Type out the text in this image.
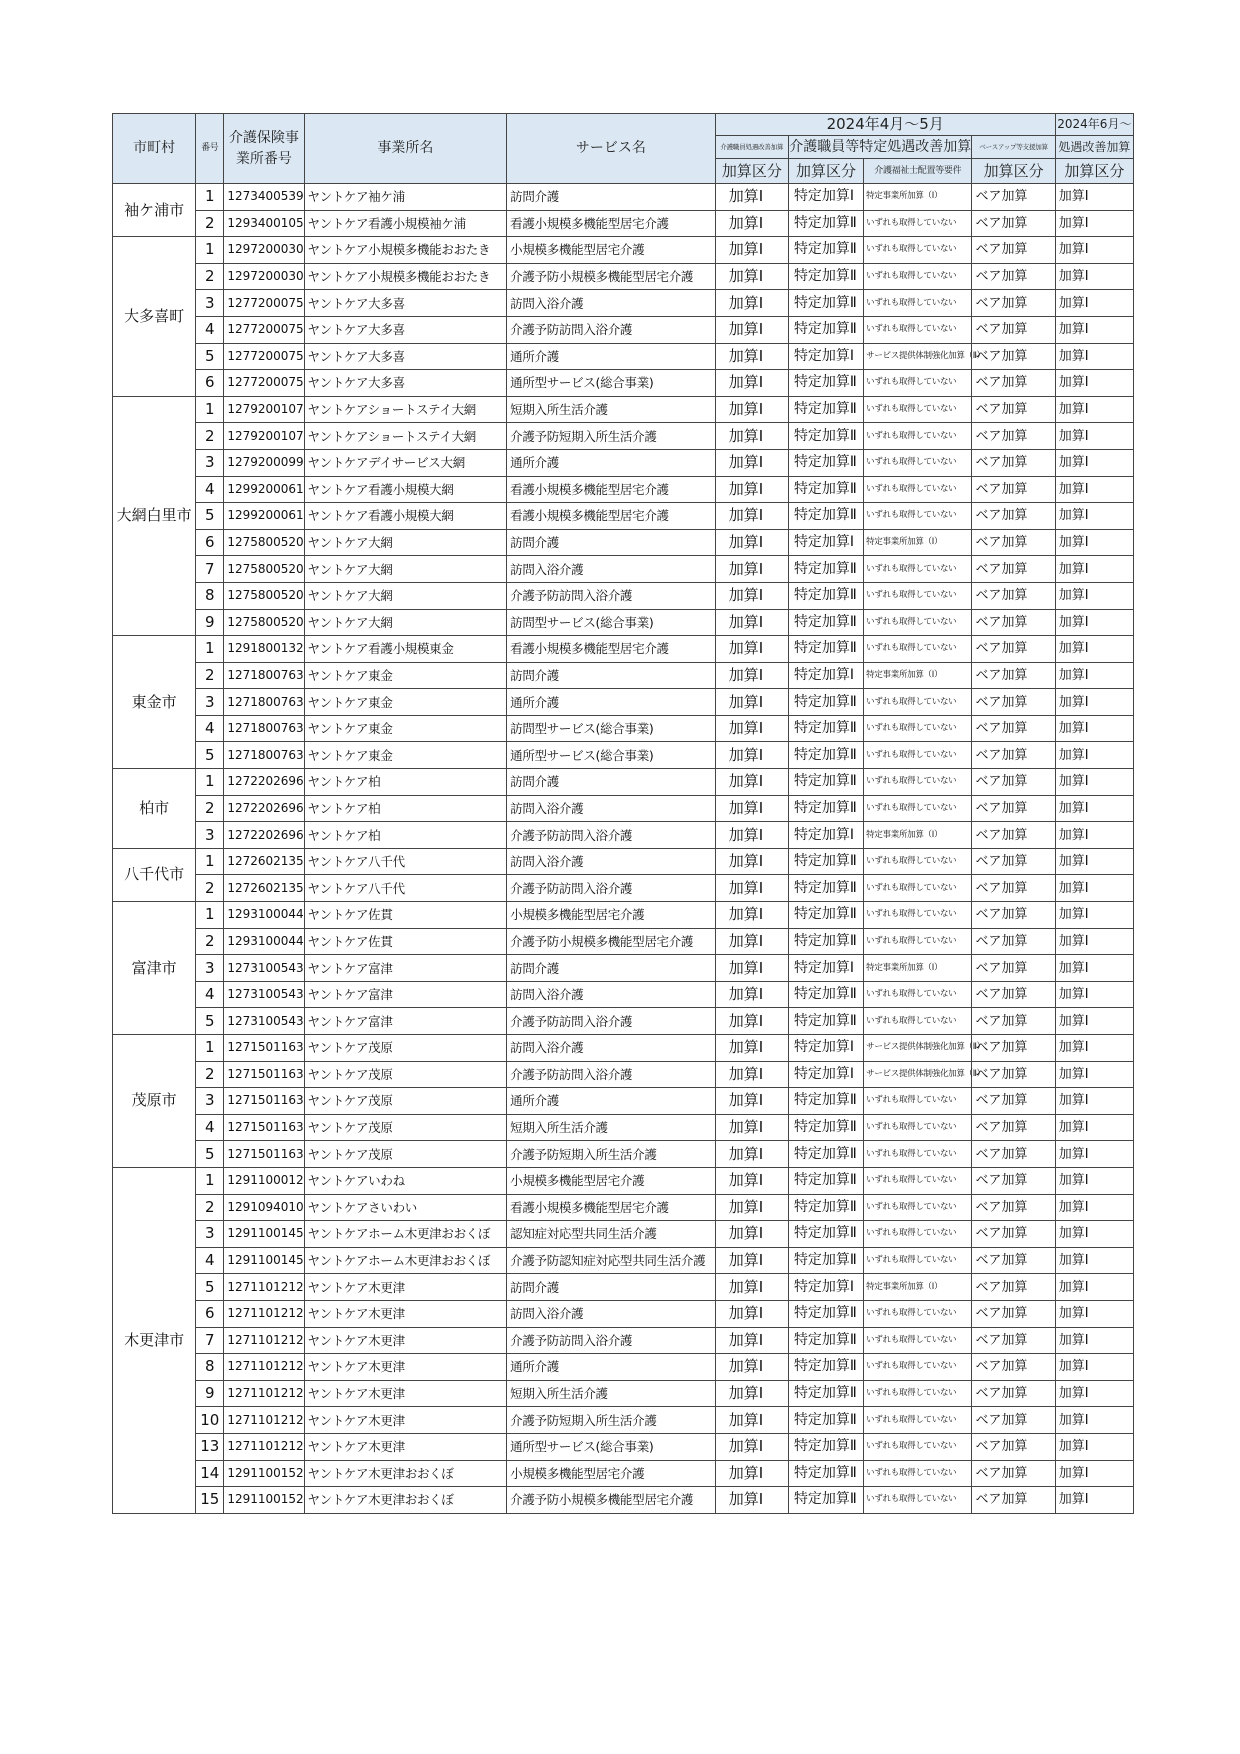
市町村	番号	介護保険事業所番号	事業所名	サービス名	2024年4月～5月				2024年6月～
					介護職員処遇改善加算	介護職員等特定処遇改善加算		ベースアップ等支援加算	処遇改善加算
					加算区分	加算区分	介護福祉士配置等要件	加算区分	加算区分
袖ケ浦市	1	1273400539	ヤントケア袖ケ浦	訪問介護	加算Ⅰ	特定加算Ⅰ	特定事業所加算（Ⅰ）	ベア加算	加算Ⅰ
	2	1293400105	ヤントケア看護小規模袖ケ浦	看護小規模多機能型居宅介護	加算Ⅰ	特定加算Ⅱ	いずれも取得していない	ベア加算	加算Ⅰ
大多喜町	1	1297200030	ヤントケア小規模多機能おおたき	小規模多機能型居宅介護	加算Ⅰ	特定加算Ⅱ	いずれも取得していない	ベア加算	加算Ⅰ
	2	1297200030	ヤントケア小規模多機能おおたき	介護予防小規模多機能型居宅介護	加算Ⅰ	特定加算Ⅱ	いずれも取得していない	ベア加算	加算Ⅰ
	3	1277200075	ヤントケア大多喜	訪問入浴介護	加算Ⅰ	特定加算Ⅱ	いずれも取得していない	ベア加算	加算Ⅰ
	4	1277200075	ヤントケア大多喜	介護予防訪問入浴介護	加算Ⅰ	特定加算Ⅱ	いずれも取得していない	ベア加算	加算Ⅰ
	5	1277200075	ヤントケア大多喜	通所介護	加算Ⅰ	特定加算Ⅰ	サービス提供体制強化加算（Ⅱ）	ベア加算	加算Ⅰ
	6	1277200075	ヤントケア大多喜	通所型サービス(総合事業)	加算Ⅰ	特定加算Ⅱ	いずれも取得していない	ベア加算	加算Ⅰ
大網白里市	1	1279200107	ヤントケアショートステイ大網	短期入所生活介護	加算Ⅰ	特定加算Ⅱ	いずれも取得していない	ベア加算	加算Ⅰ
	2	1279200107	ヤントケアショートステイ大網	介護予防短期入所生活介護	加算Ⅰ	特定加算Ⅱ	いずれも取得していない	ベア加算	加算Ⅰ
	3	1279200099	ヤントケアデイサービス大網	通所介護	加算Ⅰ	特定加算Ⅱ	いずれも取得していない	ベア加算	加算Ⅰ
	4	1299200061	ヤントケア看護小規模大網	看護小規模多機能型居宅介護	加算Ⅰ	特定加算Ⅱ	いずれも取得していない	ベア加算	加算Ⅰ
	5	1299200061	ヤントケア看護小規模大網	看護小規模多機能型居宅介護	加算Ⅰ	特定加算Ⅱ	いずれも取得していない	ベア加算	加算Ⅰ
	6	1275800520	ヤントケア大網	訪問介護	加算Ⅰ	特定加算Ⅰ	特定事業所加算（Ⅰ）	ベア加算	加算Ⅰ
	7	1275800520	ヤントケア大網	訪問入浴介護	加算Ⅰ	特定加算Ⅱ	いずれも取得していない	ベア加算	加算Ⅰ
	8	1275800520	ヤントケア大網	介護予防訪問入浴介護	加算Ⅰ	特定加算Ⅱ	いずれも取得していない	ベア加算	加算Ⅰ
	9	1275800520	ヤントケア大網	訪問型サービス(総合事業)	加算Ⅰ	特定加算Ⅱ	いずれも取得していない	ベア加算	加算Ⅰ
東金市	1	1291800132	ヤントケア看護小規模東金	看護小規模多機能型居宅介護	加算Ⅰ	特定加算Ⅱ	いずれも取得していない	ベア加算	加算Ⅰ
	2	1271800763	ヤントケア東金	訪問介護	加算Ⅰ	特定加算Ⅰ	特定事業所加算（Ⅰ）	ベア加算	加算Ⅰ
	3	1271800763	ヤントケア東金	通所介護	加算Ⅰ	特定加算Ⅱ	いずれも取得していない	ベア加算	加算Ⅰ
	4	1271800763	ヤントケア東金	訪問型サービス(総合事業)	加算Ⅰ	特定加算Ⅱ	いずれも取得していない	ベア加算	加算Ⅰ
	5	1271800763	ヤントケア東金	通所型サービス(総合事業)	加算Ⅰ	特定加算Ⅱ	いずれも取得していない	ベア加算	加算Ⅰ
柏市	1	1272202696	ヤントケア柏	訪問介護	加算Ⅰ	特定加算Ⅱ	いずれも取得していない	ベア加算	加算Ⅰ
	2	1272202696	ヤントケア柏	訪問入浴介護	加算Ⅰ	特定加算Ⅱ	いずれも取得していない	ベア加算	加算Ⅰ
	3	1272202696	ヤントケア柏	介護予防訪問入浴介護	加算Ⅰ	特定加算Ⅰ	特定事業所加算（Ⅰ）	ベア加算	加算Ⅰ
八千代市	1	1272602135	ヤントケア八千代	訪問入浴介護	加算Ⅰ	特定加算Ⅱ	いずれも取得していない	ベア加算	加算Ⅰ
	2	1272602135	ヤントケア八千代	介護予防訪問入浴介護	加算Ⅰ	特定加算Ⅱ	いずれも取得していない	ベア加算	加算Ⅰ
富津市	1	1293100044	ヤントケア佐貫	小規模多機能型居宅介護	加算Ⅰ	特定加算Ⅱ	いずれも取得していない	ベア加算	加算Ⅰ
	2	1293100044	ヤントケア佐貫	介護予防小規模多機能型居宅介護	加算Ⅰ	特定加算Ⅱ	いずれも取得していない	ベア加算	加算Ⅰ
	3	1273100543	ヤントケア富津	訪問介護	加算Ⅰ	特定加算Ⅰ	特定事業所加算（Ⅰ）	ベア加算	加算Ⅰ
	4	1273100543	ヤントケア富津	訪問入浴介護	加算Ⅰ	特定加算Ⅱ	いずれも取得していない	ベア加算	加算Ⅰ
	5	1273100543	ヤントケア富津	介護予防訪問入浴介護	加算Ⅰ	特定加算Ⅱ	いずれも取得していない	ベア加算	加算Ⅰ
茂原市	1	1271501163	ヤントケア茂原	訪問入浴介護	加算Ⅰ	特定加算Ⅰ	サービス提供体制強化加算（Ⅱ）	ベア加算	加算Ⅰ
	2	1271501163	ヤントケア茂原	介護予防訪問入浴介護	加算Ⅰ	特定加算Ⅰ	サービス提供体制強化加算（Ⅱ）	ベア加算	加算Ⅰ
	3	1271501163	ヤントケア茂原	通所介護	加算Ⅰ	特定加算Ⅱ	いずれも取得していない	ベア加算	加算Ⅰ
	4	1271501163	ヤントケア茂原	短期入所生活介護	加算Ⅰ	特定加算Ⅱ	いずれも取得していない	ベア加算	加算Ⅰ
	5	1271501163	ヤントケア茂原	介護予防短期入所生活介護	加算Ⅰ	特定加算Ⅱ	いずれも取得していない	ベア加算	加算Ⅰ
木更津市	1	1291100012	ヤントケアいわね	小規模多機能型居宅介護	加算Ⅰ	特定加算Ⅱ	いずれも取得していない	ベア加算	加算Ⅰ
	2	1291094010	ヤントケアさいわい	看護小規模多機能型居宅介護	加算Ⅰ	特定加算Ⅱ	いずれも取得していない	ベア加算	加算Ⅰ
	3	1291100145	ヤントケアホーム木更津おおくぼ	認知症対応型共同生活介護	加算Ⅰ	特定加算Ⅱ	いずれも取得していない	ベア加算	加算Ⅰ
	4	1291100145	ヤントケアホーム木更津おおくぼ	介護予防認知症対応型共同生活介護	加算Ⅰ	特定加算Ⅱ	いずれも取得していない	ベア加算	加算Ⅰ
	5	1271101212	ヤントケア木更津	訪問介護	加算Ⅰ	特定加算Ⅰ	特定事業所加算（Ⅰ）	ベア加算	加算Ⅰ
	6	1271101212	ヤントケア木更津	訪問入浴介護	加算Ⅰ	特定加算Ⅱ	いずれも取得していない	ベア加算	加算Ⅰ
	7	1271101212	ヤントケア木更津	介護予防訪問入浴介護	加算Ⅰ	特定加算Ⅱ	いずれも取得していない	ベア加算	加算Ⅰ
	8	1271101212	ヤントケア木更津	通所介護	加算Ⅰ	特定加算Ⅱ	いずれも取得していない	ベア加算	加算Ⅰ
	9	1271101212	ヤントケア木更津	短期入所生活介護	加算Ⅰ	特定加算Ⅱ	いずれも取得していない	ベア加算	加算Ⅰ
	10	1271101212	ヤントケア木更津	介護予防短期入所生活介護	加算Ⅰ	特定加算Ⅱ	いずれも取得していない	ベア加算	加算Ⅰ
	13	1271101212	ヤントケア木更津	通所型サービス(総合事業)	加算Ⅰ	特定加算Ⅱ	いずれも取得していない	ベア加算	加算Ⅰ
	14	1291100152	ヤントケア木更津おおくぼ	小規模多機能型居宅介護	加算Ⅰ	特定加算Ⅱ	いずれも取得していない	ベア加算	加算Ⅰ
	15	1291100152	ヤントケア木更津おおくぼ	介護予防小規模多機能型居宅介護	加算Ⅰ	特定加算Ⅱ	いずれも取得していない	ベア加算	加算Ⅰ
